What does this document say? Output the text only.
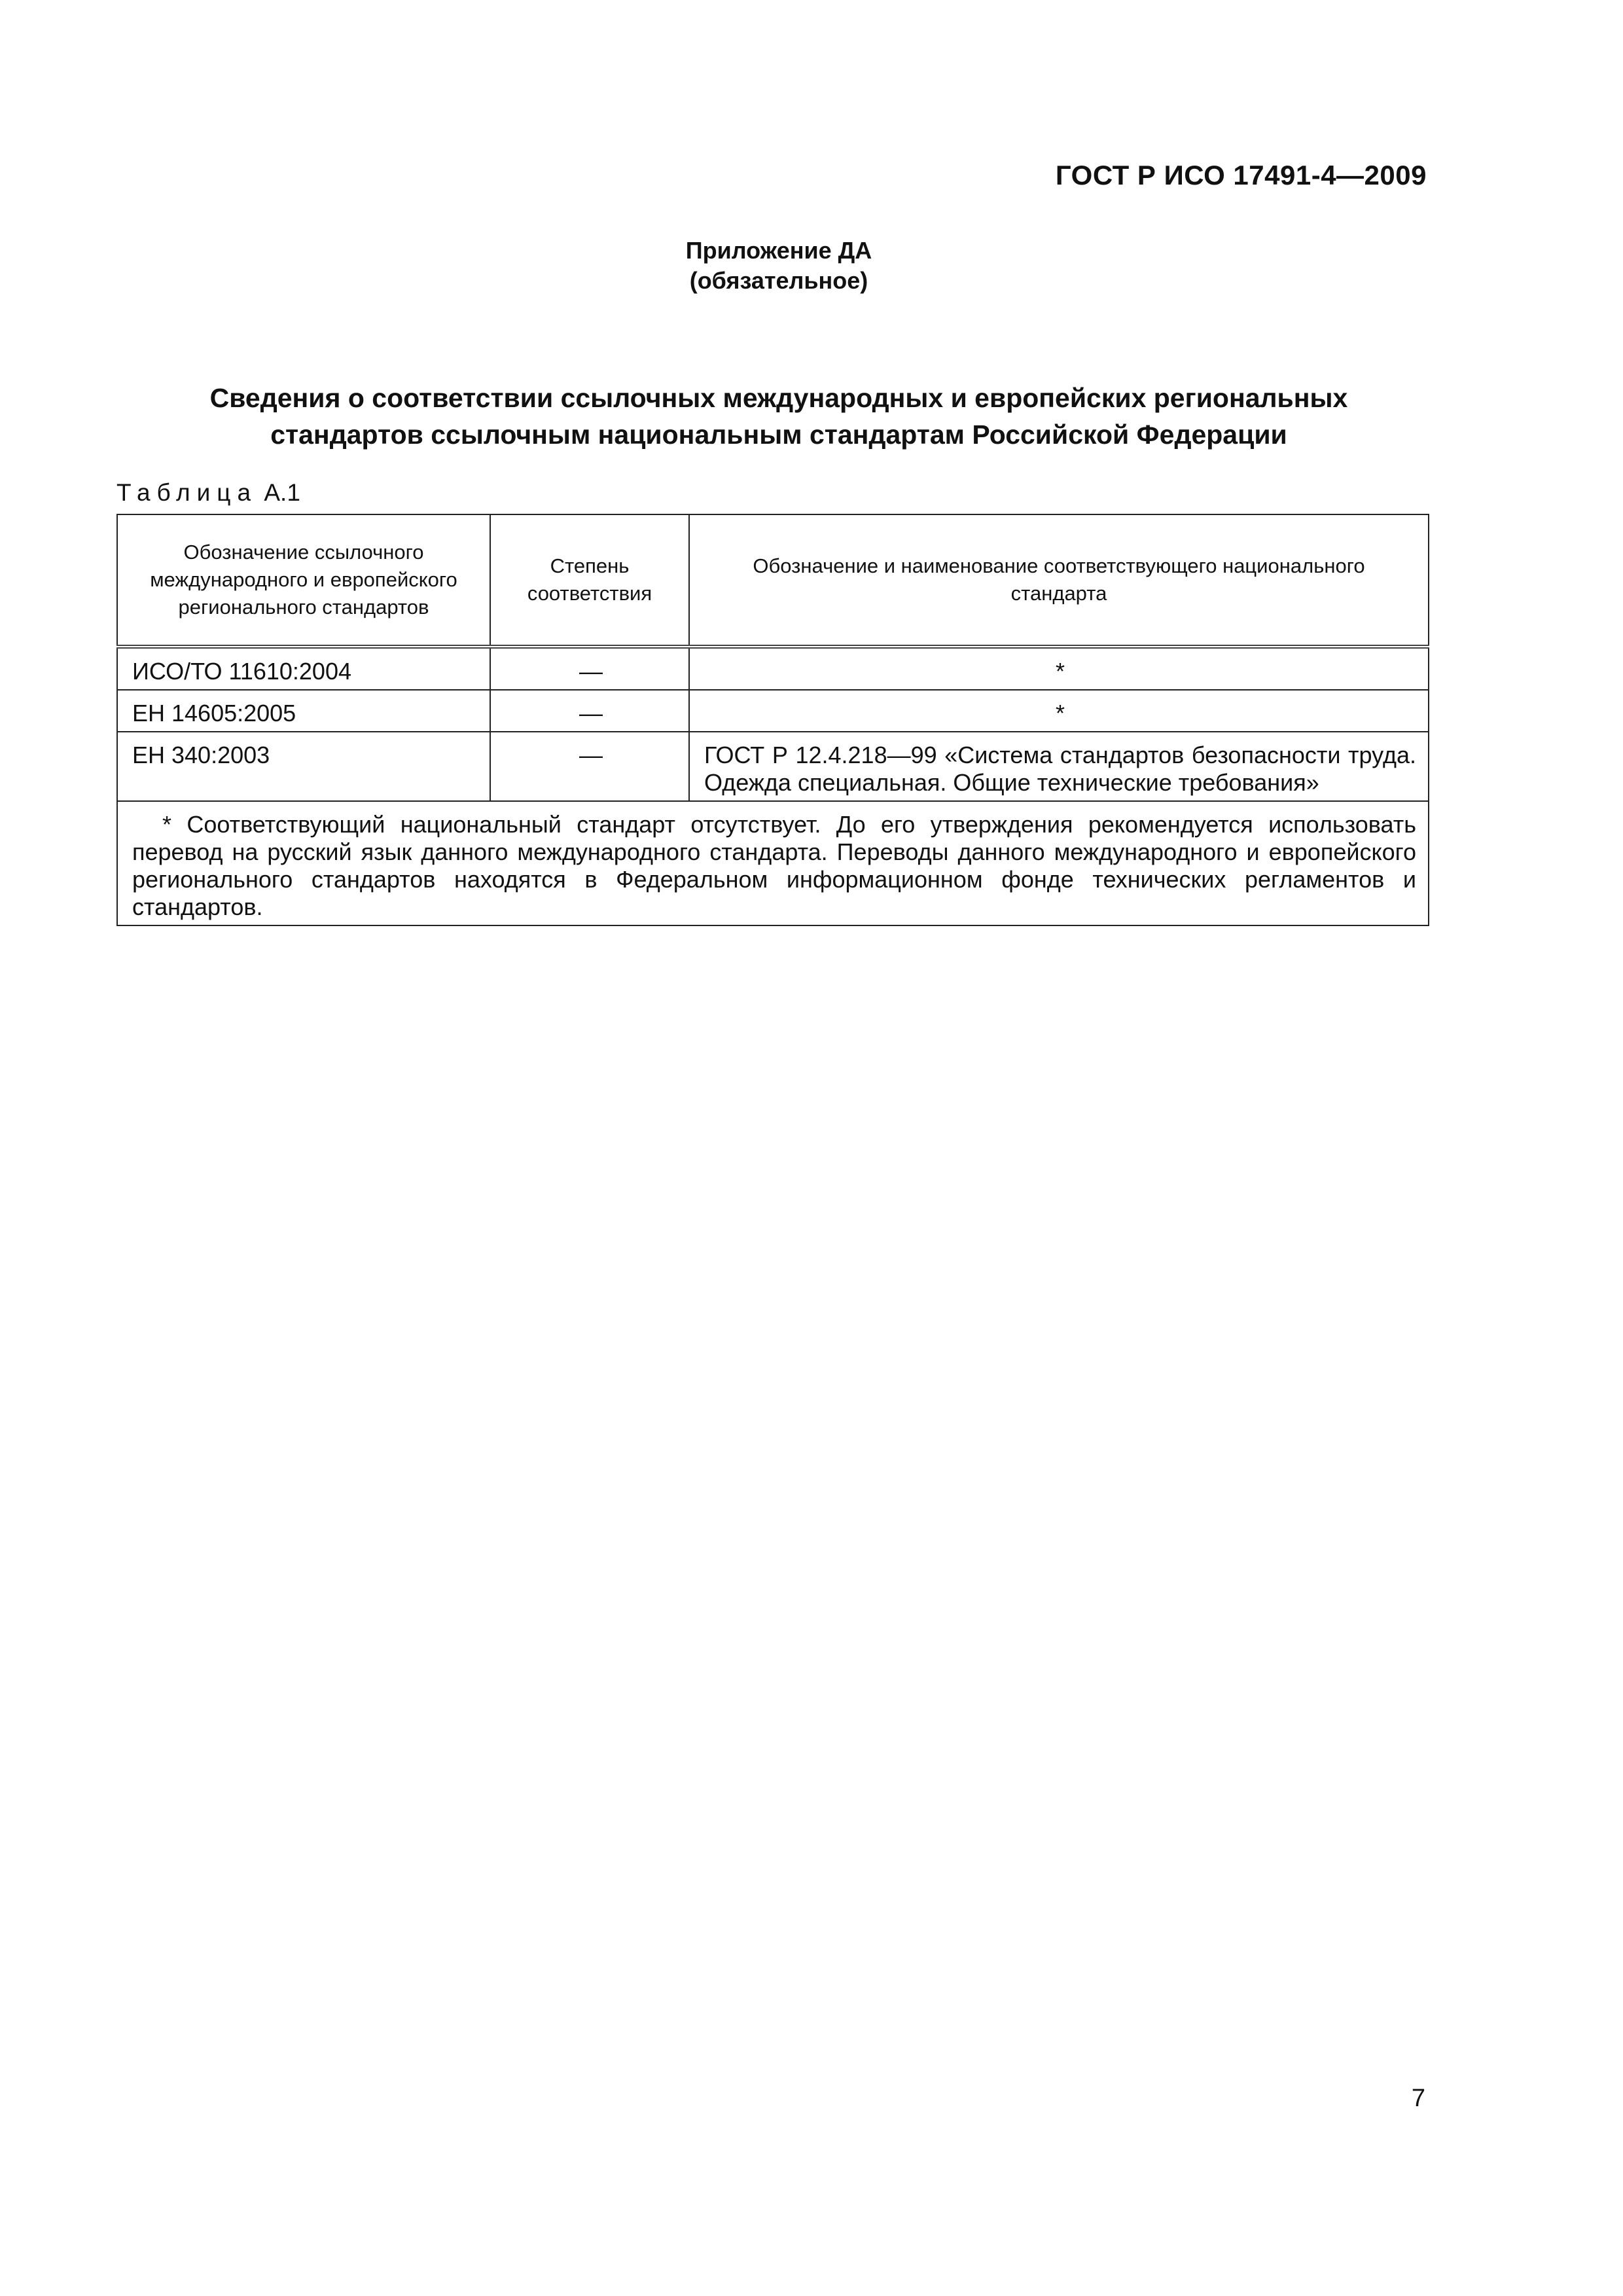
ГОСТ Р ИСО 17491-4—2009
Приложение ДА
(обязательное)
Сведения о соответствии ссылочных международных и европейских региональных
стандартов ссылочным национальным стандартам Российской Федерации
Таблица А.1
Обозначение ссылочного международного и европейского регионального стандартов	Степень соответствия	Обозначение и наименование соответствующего национального стандарта
ИСО/ТО 11610:2004	—	*
ЕН 14605:2005	—	*
ЕН 340:2003	—	ГОСТ Р 12.4.218—99 «Система стандартов безопасности труда. Одежда специальная. Общие технические требования»
* Соответствующий национальный стандарт отсутствует. До его утверждения рекомендуется использовать перевод на русский язык данного международного стандарта. Переводы данного международного и европейского регионального стандартов находятся в Федеральном информационном фонде технических регламентов и стандартов.		
7
